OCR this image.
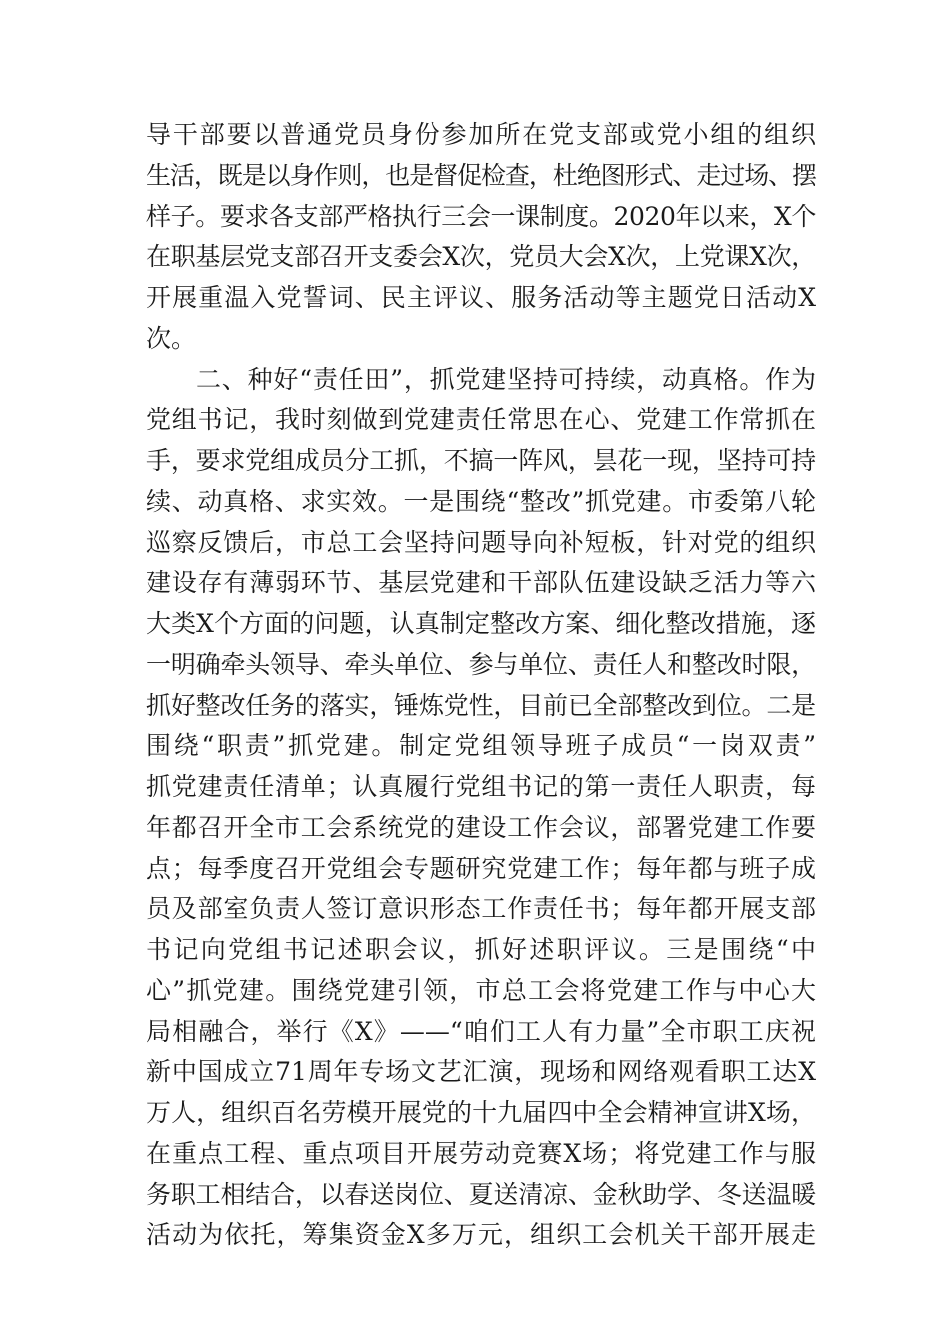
导干部要以普通党员身份参加所在党支部或党小组的组织
生活，既是以身作则，也是督促检查，杜绝图形式、走过场、摆
样子。要求各支部严格执行三会一课制度。2020年以来，X个
在职基层党支部召开支委会X次，党员大会X次，上党课X次，
开展重温入党誓词、民主评议、服务活动等主题党日活动X
次。
二、种好“责任田”，抓党建坚持可持续，动真格。作为
党组书记，我时刻做到党建责任常思在心、党建工作常抓在
手，要求党组成员分工抓，不搞一阵风，昙花一现，坚持可持
续、动真格、求实效。一是围绕“整改”抓党建。市委第八轮
巡察反馈后，市总工会坚持问题导向补短板，针对党的组织
建设存有薄弱环节、基层党建和干部队伍建设缺乏活力等六
大类X个方面的问题，认真制定整改方案、细化整改措施，逐
一明确牵头领导、牵头单位、参与单位、责任人和整改时限，
抓好整改任务的落实，锤炼党性，目前已全部整改到位。二是
围绕“职责”抓党建。制定党组领导班子成员“一岗双责”
抓党建责任清单；认真履行党组书记的第一责任人职责，每
年都召开全市工会系统党的建设工作会议，部署党建工作要
点；每季度召开党组会专题研究党建工作；每年都与班子成
员及部室负责人签订意识形态工作责任书；每年都开展支部
书记向党组书记述职会议，抓好述职评议。三是围绕“中
心”抓党建。围绕党建引领，市总工会将党建工作与中心大
局相融合，举行《X》——“咱们工人有力量”全市职工庆祝
新中国成立71周年专场文艺汇演，现场和网络观看职工达X
万人，组织百名劳模开展党的十九届四中全会精神宣讲X场，
在重点工程、重点项目开展劳动竞赛X场；将党建工作与服
务职工相结合，以春送岗位、夏送清凉、金秋助学、冬送温暖
活动为依托，筹集资金X多万元，组织工会机关干部开展走
